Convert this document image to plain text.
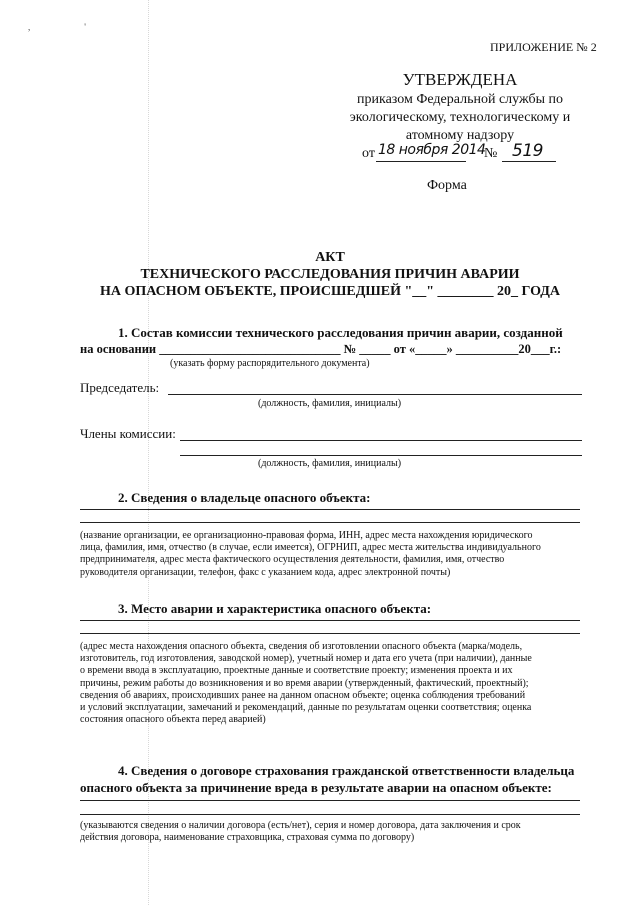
,                        '
ПРИЛОЖЕНИЕ № 2
УТВЕРЖДЕНА
приказом Федеральной службы по
экологическому, технологическому и
атомному надзору
от 18 ноября 2014
№ 519
Форма
АКТ
ТЕХНИЧЕСКОГО РАССЛЕДОВАНИЯ ПРИЧИН АВАРИИ
НА ОПАСНОМ ОБЪЕКТЕ, ПРОИСШЕДШЕЙ "__" ________ 20_ ГОДА
1. Состав комиссии технического расследования причин аварии, созданной
на основании _____________________________ № _____ от «_____» __________20___г.:
(указать форму распорядительного документа)
Председатель:
(должность, фамилия, инициалы)
Члены комиссии:
(должность, фамилия, инициалы)
2. Сведения о владельце опасного объекта:
(название организации, ее организационно-правовая форма, ИНН, адрес места нахождения юридического
лица, фамилия, имя, отчество (в случае, если имеется), ОГРНИП, адрес места жительства индивидуального
предпринимателя, адрес места фактического осуществления деятельности, фамилия, имя, отчество
руководителя организации, телефон, факс с указанием кода, адрес электронной почты)
3. Место аварии и характеристика опасного объекта:
(адрес места нахождения опасного объекта, сведения об изготовлении опасного объекта (марка/модель,
изготовитель, год изготовления, заводской номер), учетный номер и дата его учета (при наличии), данные
о времени ввода в эксплуатацию, проектные данные и соответствие проекту; изменения проекта и их
причины, режим работы до возникновения и во время аварии (утвержденный, фактический, проектный);
сведения об авариях, происходивших ранее на данном опасном объекте; оценка соблюдения требований
и условий эксплуатации, замечаний и рекомендаций, данные по результатам оценки соответствия; оценка
состояния опасного объекта перед аварией)
4. Сведения о договоре страхования гражданской ответственности владельца
опасного объекта за причинение вреда в результате аварии на опасном объекте:
(указываются сведения о наличии договора (есть/нет), серия и номер договора, дата заключения и срок
действия договора, наименование страховщика, страховая сумма по договору)
